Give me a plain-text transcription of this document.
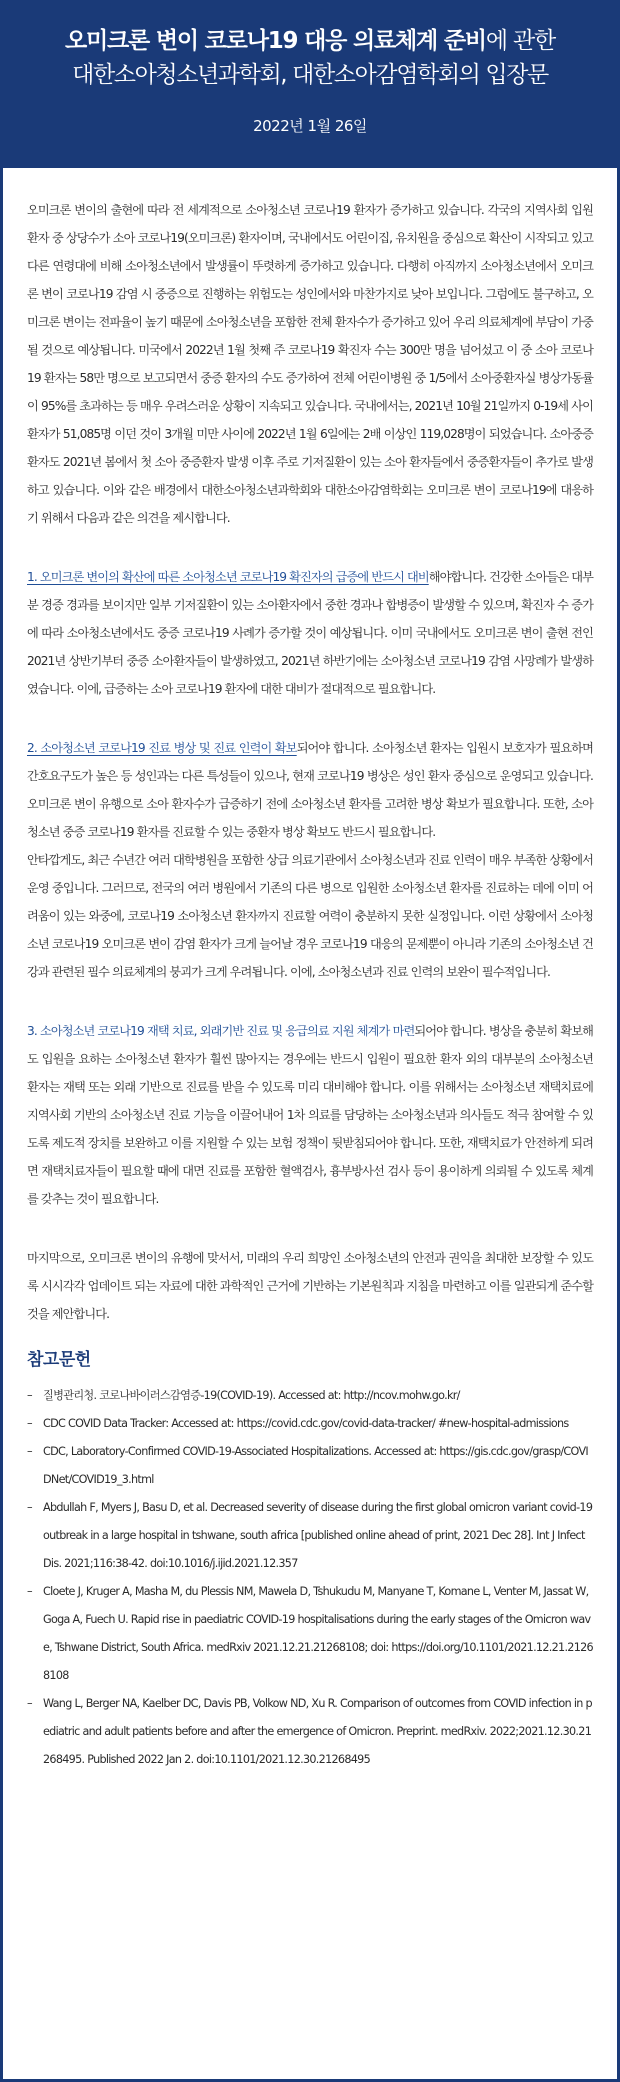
오미크론 변이 코로나19 대응 의료체계 준비에 관한
대한소아청소년과학회, 대한소아감염학회의 입장문
2022년 1월 26일

오미크론 변이의 출현에 따라 전 세계적으로 소아청소년 코로나19 환자가 증가하고 있습니다. 각국의 지역사회 입원환자 중 상당수가 소아 코로나19(오미크론) 환자이며, 국내에서도 어린이집, 유치원을 중심으로 확산이 시작되고 있고 다른 연령대에 비해 소아청소년에서 발생률이 뚜렷하게 증가하고 있습니다. 다행히 아직까지 소아청소년에서 오미크론 변이 코로나19 감염 시 중증으로 진행하는 위험도는 성인에서와 마찬가지로 낮아 보입니다. 그럼에도 불구하고, 오미크론 변이는 전파율이 높기 때문에 소아청소년을 포함한 전체 환자수가 증가하고 있어 우리 의료체계에 부담이 가중될 것으로 예상됩니다. 미국에서 2022년 1월 첫째 주 코로나19 확진자 수는 300만 명을 넘어섰고 이 중 소아 코로나19 환자는 58만 명으로 보고되면서 중증 환자의 수도 증가하여 전체 어린이병원 중 1/5에서 소아중환자실 병상가동률이 95%를 초과하는 등 매우 우려스러운 상황이 지속되고 있습니다. 국내에서는, 2021년 10월 21일까지 0-19세 사이 환자가 51,085명 이던 것이 3개월 미만 사이에 2022년 1월 6일에는 2배 이상인 119,028명이 되었습니다. 소아중증 환자도 2021년 봄에서 첫 소아 중증환자 발생 이후 주로 기저질환이 있는 소아 환자들에서 중증환자들이 추가로 발생하고 있습니다. 이와 같은 배경에서 대한소아청소년과학회와 대한소아감염학회는 오미크론 변이 코로나19에 대응하기 위해서 다음과 같은 의견을 제시합니다.

1. 오미크론 변이의 확산에 따른 소아청소년 코로나19 확진자의 급증에 반드시 대비해야합니다. 건강한 소아들은 대부분 경증 경과를 보이지만 일부 기저질환이 있는 소아환자에서 중한 경과나 합병증이 발생할 수 있으며, 확진자 수 증가에 따라 소아청소년에서도 중증 코로나19 사례가 증가할 것이 예상됩니다. 이미 국내에서도 오미크론 변이 출현 전인 2021년 상반기부터 중증 소아환자들이 발생하였고, 2021년 하반기에는 소아청소년 코로나19 감염 사망례가 발생하였습니다. 이에, 급증하는 소아 코로나19 환자에 대한 대비가 절대적으로 필요합니다.

2. 소아청소년 코로나19 진료 병상 및 진료 인력이 확보되어야 합니다. 소아청소년 환자는 입원시 보호자가 필요하며 간호요구도가 높은 등 성인과는 다른 특성들이 있으나, 현재 코로나19 병상은 성인 환자 중심으로 운영되고 있습니다. 오미크론 변이 유행으로 소아 환자수가 급증하기 전에 소아청소년 환자를 고려한 병상 확보가 필요합니다. 또한, 소아청소년 중증 코로나19 환자를 진료할 수 있는 중환자 병상 확보도 반드시 필요합니다.

안타깝게도, 최근 수년간 여러 대학병원을 포함한 상급 의료기관에서 소아청소년과 진료 인력이 매우 부족한 상황에서 운영 중입니다. 그러므로, 전국의 여러 병원에서 기존의 다른 병으로 입원한 소아청소년 환자를 진료하는 데에 이미 어려움이 있는 와중에, 코로나19 소아청소년 환자까지 진료할 여력이 충분하지 못한 실정입니다. 이런 상황에서 소아청소년 코로나19 오미크론 변이 감염 환자가 크게 늘어날 경우 코로나19 대응의 문제뿐이 아니라 기존의 소아청소년 건강과 관련된 필수 의료체계의 붕괴가 크게 우려됩니다. 이에, 소아청소년과 진료 인력의 보완이 필수적입니다.

3. 소아청소년 코로나19 재택 치료, 외래기반 진료 및 응급의료 지원 체계가 마련되어야 합니다. 병상을 충분히 확보해도 입원을 요하는 소아청소년 환자가 훨씬 많아지는 경우에는 반드시 입원이 필요한 환자 외의 대부분의 소아청소년 환자는 재택 또는 외래 기반으로 진료를 받을 수 있도록 미리 대비해야 합니다. 이를 위해서는 소아청소년 재택치료에 지역사회 기반의 소아청소년 진료 기능을 이끌어내어 1차 의료를 담당하는 소아청소년과 의사들도 적극 참여할 수 있도록 제도적 장치를 보완하고 이를 지원할 수 있는 보험 정책이 뒷받침되어야 합니다. 또한, 재택치료가 안전하게 되려면 재택치료자들이 필요할 때에 대면 진료를 포함한 혈액검사, 흉부방사선 검사 등이 용이하게 의뢰될 수 있도록 체계를 갖추는 것이 필요합니다.

마지막으로, 오미크론 변이의 유행에 맞서서, 미래의 우리 희망인 소아청소년의 안전과 권익을 최대한 보장할 수 있도록 시시각각 업데이트 되는 자료에 대한 과학적인 근거에 기반하는 기본원칙과 지침을 마련하고 이를 일관되게 준수할 것을 제안합니다.

참고문헌
– 질병관리청. 코로나바이러스감염증-19(COVID-19). Accessed at: http://ncov.mohw.go.kr/
– CDC COVID Data Tracker: Accessed at: https://covid.cdc.gov/covid-data-tracker/ #new-hospital-admissions
– CDC, Laboratory-Confirmed COVID-19-Associated Hospitalizations. Accessed at: https://gis.cdc.gov/grasp/COVIDNet/COVID19_3.html
– Abdullah F, Myers J, Basu D, et al. Decreased severity of disease during the first global omicron variant covid-19 outbreak in a large hospital in tshwane, south africa [published online ahead of print, 2021 Dec 28]. Int J Infect Dis. 2021;116:38-42. doi:10.1016/j.ijid.2021.12.357
– Cloete J, Kruger A, Masha M, du Plessis NM, Mawela D, Tshukudu M, Manyane T, Komane L, Venter M, Jassat W, Goga A, Fuech U. Rapid rise in paediatric COVID-19 hospitalisations during the early stages of the Omicron wave, Tshwane District, South Africa. medRxiv 2021.12.21.21268108; doi: https://doi.org/10.1101/2021.12.21.21268108
– Wang L, Berger NA, Kaelber DC, Davis PB, Volkow ND, Xu R. Comparison of outcomes from COVID infection in pediatric and adult patients before and after the emergence of Omicron. Preprint. medRxiv. 2022;2021.12.30.21268495. Published 2022 Jan 2. doi:10.1101/2021.12.30.21268495
